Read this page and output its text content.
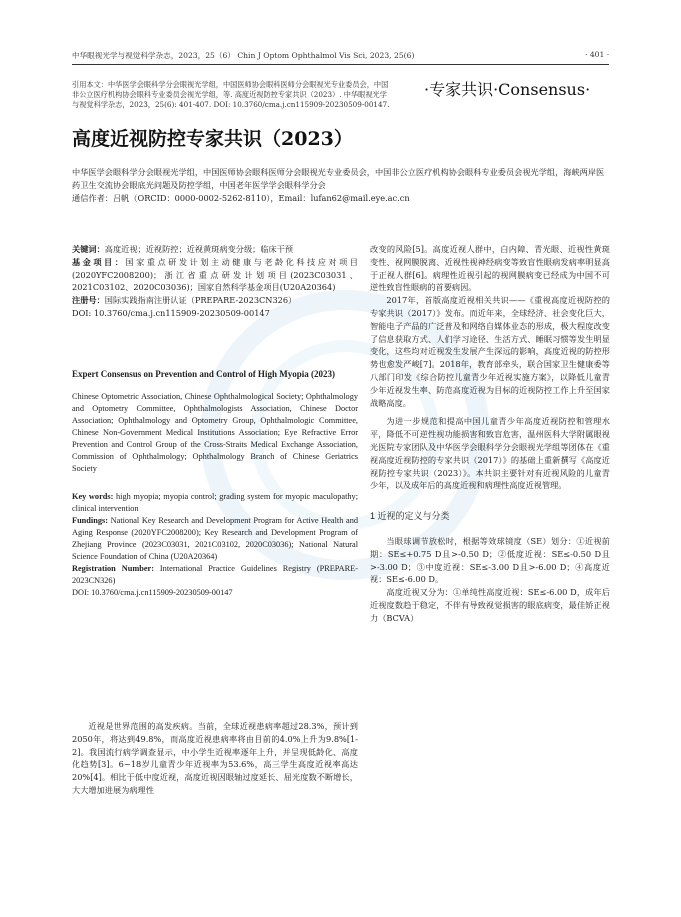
中华眼视光学与视觉科学杂志，2023，25（6） Chin J Optom Ophthalmol Vis Sci, 2023, 25(6)	· 401 ·
引用本文：中华医学会眼科学分会眼视光学组，中国医师协会眼科医师分会眼视光专业委员会，中国非公立医疗机构协会眼科专业委员会视光学组，等. 高度近视防控专家共识（2023）. 中华眼视光学与视觉科学杂志，2023，25(6): 401-407. DOI: 10.3760/cma.j.cn115909-20230509-00147.
·专家共识·Consensus·
高度近视防控专家共识（2023）
中华医学会眼科学分会眼视光学组，中国医师协会眼科医师分会眼视光专业委员会，中国非公立医疗机构协会眼科专业委员会视光学组，海峡两岸医药卫生交流协会眼底光问题及防控学组，中国老年医学学会眼科学分会
通信作者：吕帆（ORCID：0000-0002-5262-8110），Email：lufan62@mail.eye.ac.cn

关键词：高度近视；近视防控；近视黄斑病变分级；临床干预

基金项目：国家重点研发计划主动健康与老龄化科技应对项目(2020YFC2008200)；浙江省重点研发计划项目(2023C03031、2021C03102、2020C03036)；国家自然科学基金项目(U20A20364)

注册号：国际实践指南注册认证（PREPARE-2023CN326）

DOI: 10.3760/cma.j.cn115909-20230509-00147

Expert Consensus on Prevention and Control of High Myopia (2023)
Chinese Optometric Association, Chinese Ophthalmological Society; Ophthalmology and Optometry Committee, Ophthalmologists Association, Chinese Doctor Association; Ophthalmology and Optometry Group, Ophthalmologic Committee, Chinese Non-Government Medical Institutions Association; Eye Refractive Error Prevention and Control Group of the Cross-Straits Medical Exchange Association, Commission of Ophthalmology; Ophthalmology Branch of Chinese Geriatrics Society
Key words: high myopia; myopia control; grading system for myopic maculopathy; clinical intervention
Fundings: National Key Research and Development Program for Active Health and Aging Response (2020YFC2008200); Key Research and Development Program of Zhejiang Province (2023C03031, 2021C03102, 2020C03036); National Natural Science Foundation of China (U20A20364)
Registration Number: International Practice Guidelines Registry (PREPARE-2023CN326)
DOI: 10.3760/cma.j.cn115909-20230509-00147

近视是世界范围的高发疾病。当前，全球近视患病率超过28.3%，预计到2050年，将达到49.8%，而高度近视患病率将由目前的4.0%上升为9.8%[1-2]。我国流行病学调查显示，中小学生近视率逐年上升，并呈现低龄化、高度化趋势[3]。6~18岁儿童青少年近视率为53.6%，高三学生高度近视率高达20%[4]。相比于低中度近视，高度近视因眼轴过度延长、屈光度数不断增长，大大增加进展为病理性

改变的风险[5]。高度近视人群中，白内障、青光眼、近视性黄斑变性、视网膜脱离、近视性视神经病变等致盲性眼病发病率明显高于正视人群[6]。病理性近视引起的视网膜病变已经成为中国不可逆性致盲性眼病的首要病因。

2017年，首版高度近视相关共识——《重视高度近视防控的专家共识（2017）》发布。而近年来，全球经济、社会变化巨大，智能电子产品的广泛普及和网络自媒体业态的形成，极大程度改变了信息获取方式、人们学习途径、生活方式、睡眠习惯等发生明显变化，这些均对近视发生发展产生深远的影响，高度近视的防控形势也愈发严峻[7]。2018年，教育部牵头，联合国家卫生健康委等八部门印发《综合防控儿童青少年近视实施方案》，以降低儿童青少年近视发生率、防范高度近视为目标的近视防控工作上升至国家战略高度。

为进一步规范和提高中国儿童青少年高度近视防控和管理水平，降低不可逆性视功能损害和致盲危害，温州医科大学附属眼视光医院专家团队及中华医学会眼科学分会眼视光学组等团体在《重视高度近视防控的专家共识（2017）》的基础上重新撰写《高度近视防控专家共识（2023）》。本共识主要针对有近视风险的儿童青少年，以及成年后的高度近视和病理性高度近视管理。

1 近视的定义与分类

当眼球调节放松时，根据等效球镜度（SE）划分：①近视前期：SE≤+0.75 D且>-0.50 D；②低度近视：SE≤-0.50 D且>-3.00 D；③中度近视：SE≤-3.00 D且>-6.00 D；④高度近视：SE≤-6.00 D。

高度近视又分为：①单纯性高度近视：SE≤-6.00 D，成年后近视度数趋于稳定，不伴有导致视觉损害的眼底病变，最佳矫正视力（BCVA）
